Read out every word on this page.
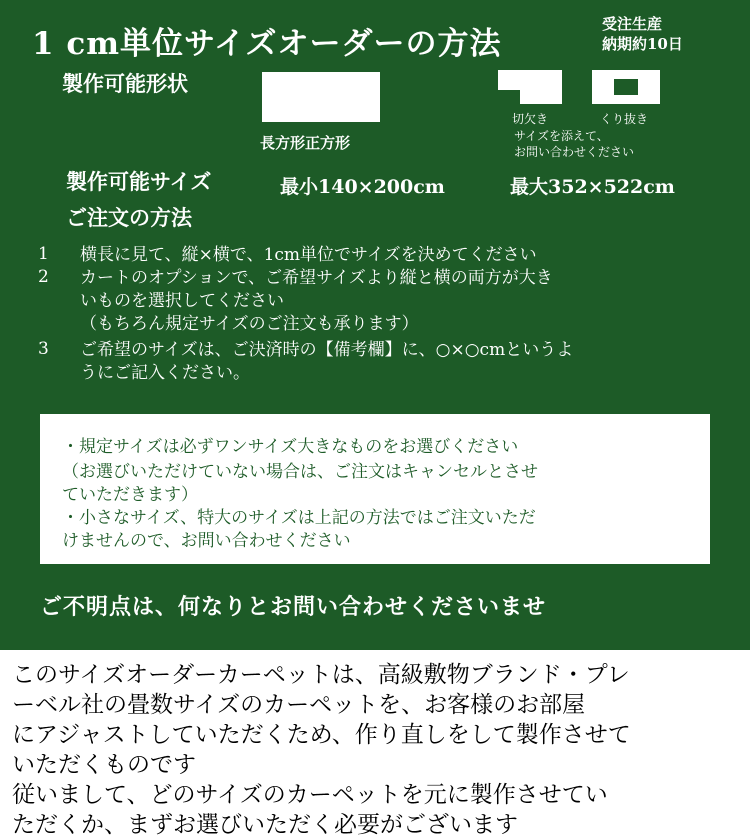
1 cm単位サイズオーダーの方法
受注生産
納期約10日
製作可能形状
長方形正方形
切欠き	くり抜き
サイズを添えて、
お問い合わせください
製作可能サイズ	最小140×200cm	最大352×522cm
ご注文の方法
1 横長に見て、縦×横で、1cm単位でサイズを決めてください
2 カートのオプションで、ご希望サイズより縦と横の両方が大き
いものを選択してください
（もちろん規定サイズのご注文も承ります）
3 ご希望のサイズは、ご決済時の【備考欄】に、○×○cmというよ
うにご記入ください。
・規定サイズは必ずワンサイズ大きなものをお選びください
（お選びいただけていない場合は、ご注文はキャンセルとさせ
ていただきます）
・小さなサイズ、特大のサイズは上記の方法ではご注文いただ
けませんので、お問い合わせください
ご不明点は、何なりとお問い合わせくださいませ
このサイズオーダーカーペットは、高級敷物ブランド・プレ
ーベル社の畳数サイズのカーペットを、お客様のお部屋
にアジャストしていただくため、作り直しをして製作させて
いただくものです
従いまして、どのサイズのカーペットを元に製作させてい
ただくか、まずお選びいただく必要がございます
